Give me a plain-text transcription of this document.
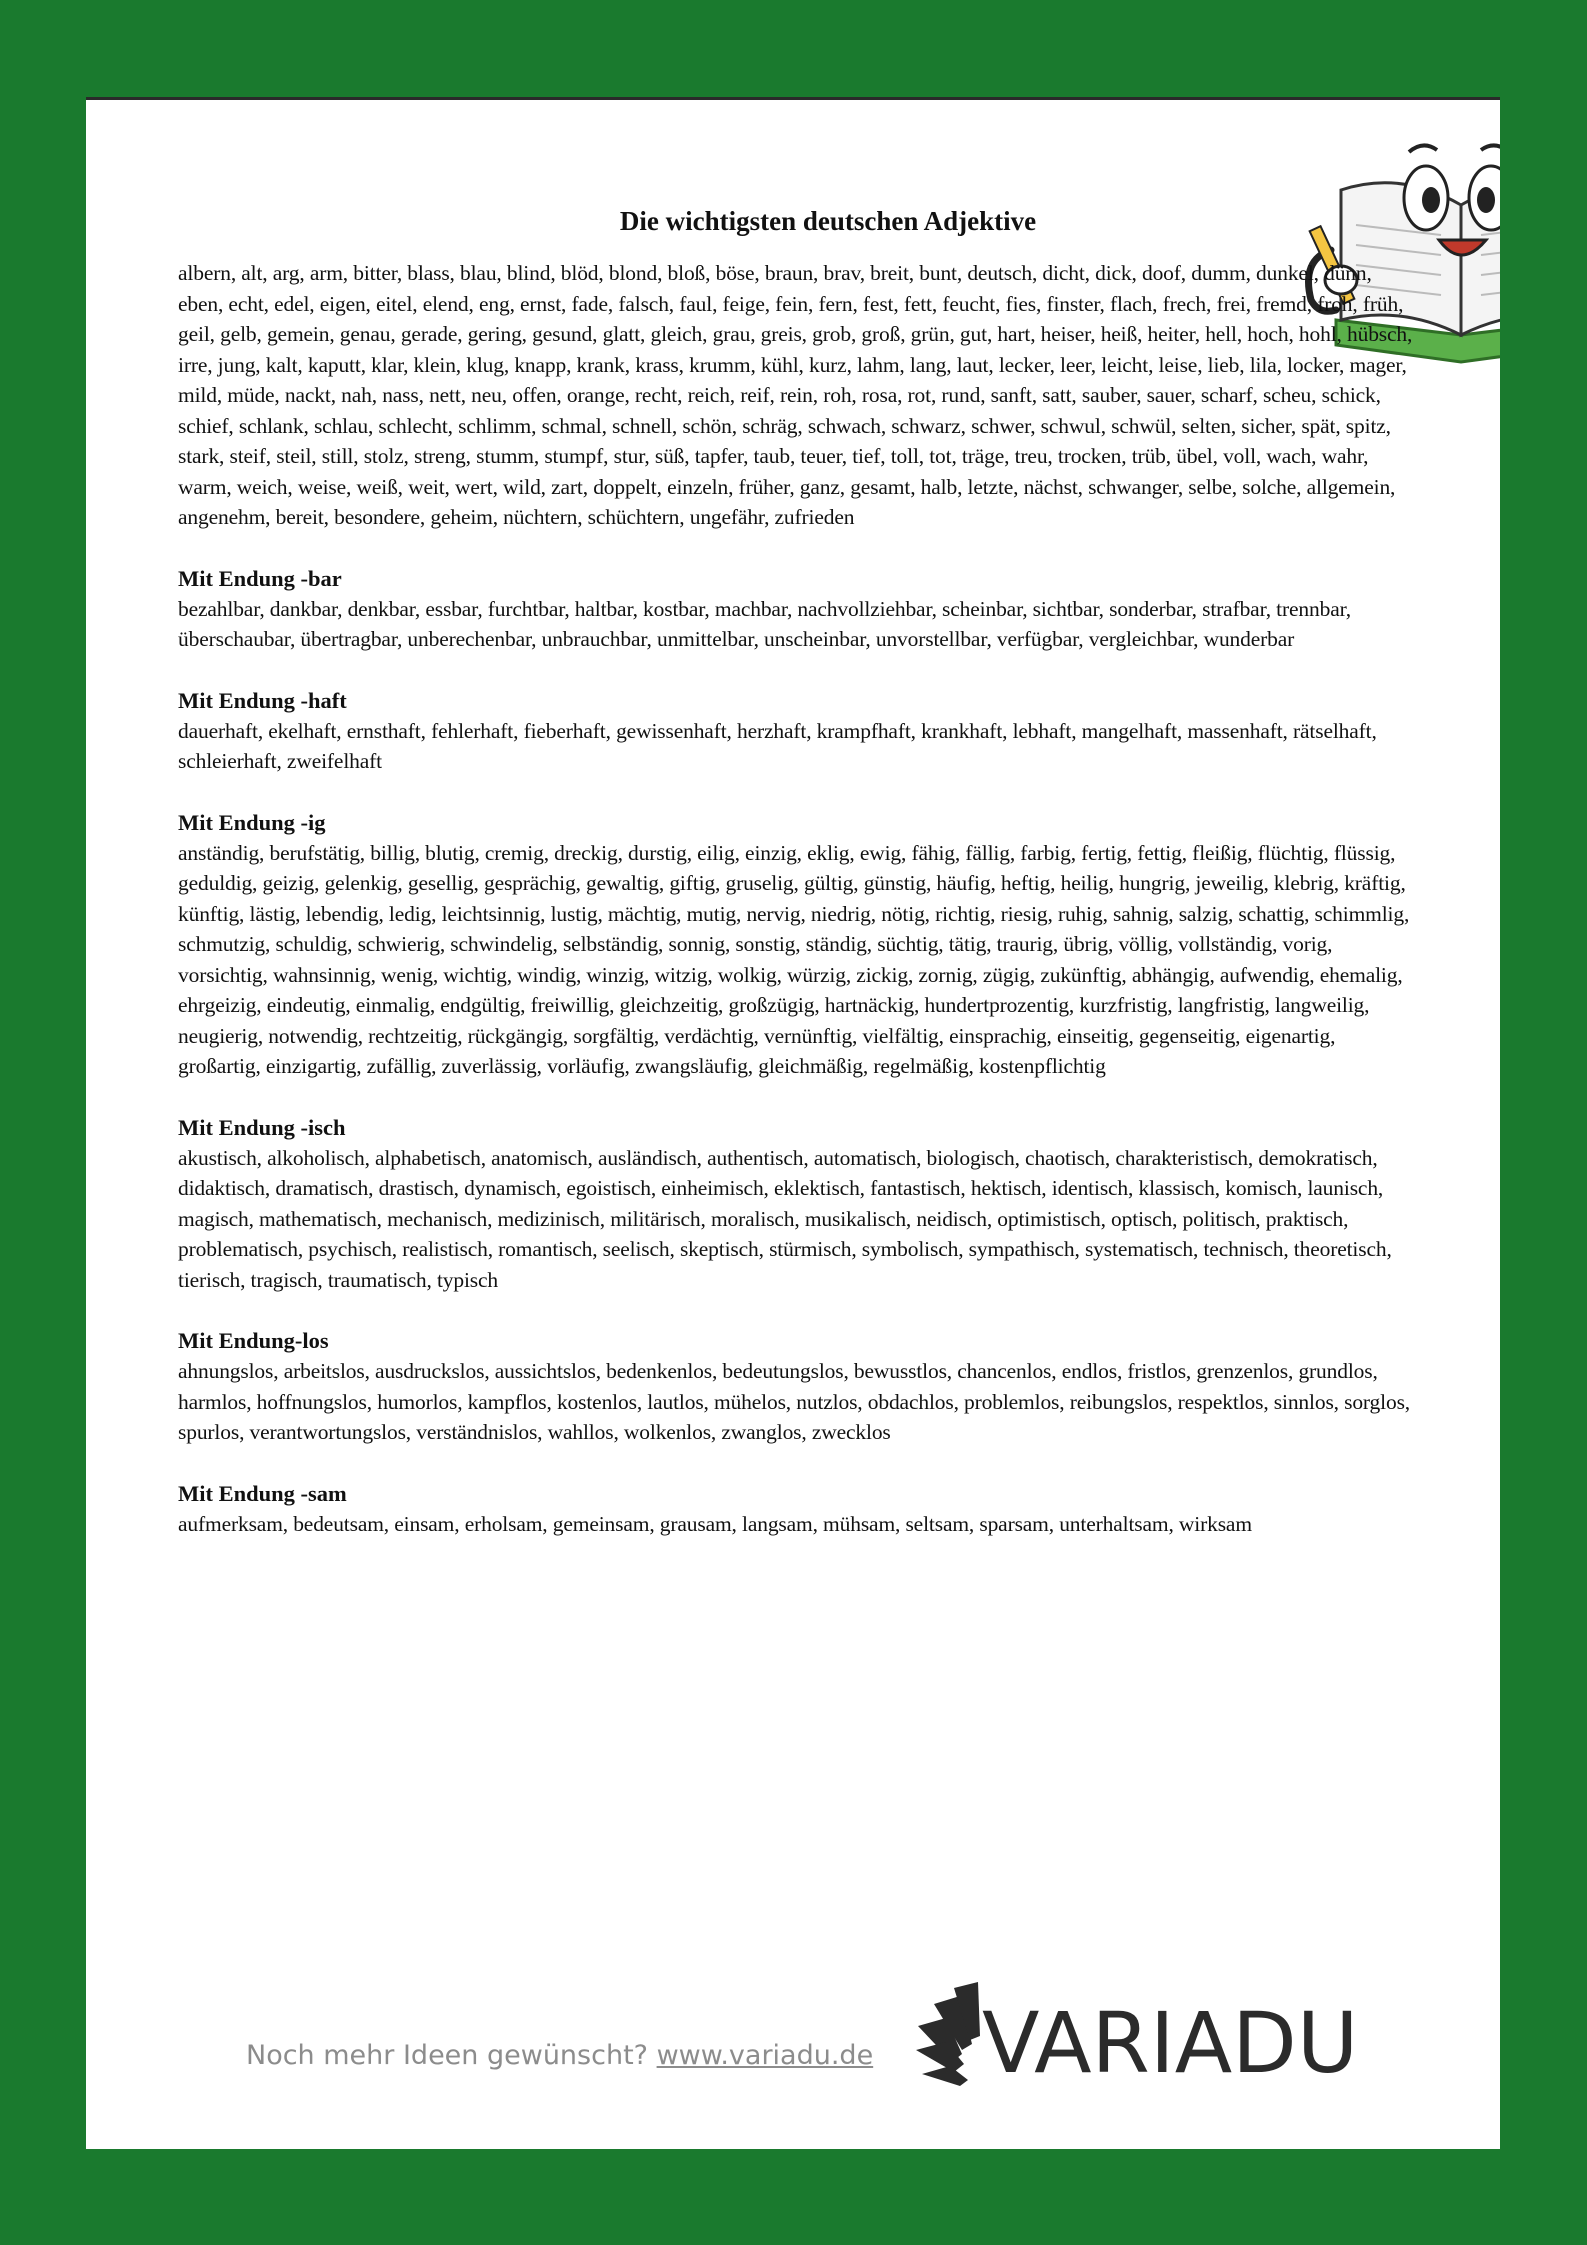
Die wichtigsten deutschen Adjektive

albern, alt, arg, arm, bitter, blass, blau, blind, blöd, blond, bloß, böse, braun, brav, breit, bunt, deutsch, dicht, dick, doof, dumm, dunkel, dünn, eben, echt, edel, eigen, eitel, elend, eng, ernst, fade, falsch, faul, feige, fein, fern, fest, fett, feucht, fies, finster, flach, frech, frei, fremd, froh, früh, geil, gelb, gemein, genau, gerade, gering, gesund, glatt, gleich, grau, greis, grob, groß, grün, gut, hart, heiser, heiß, heiter, hell, hoch, hohl, hübsch, irre, jung, kalt, kaputt, klar, klein, klug, knapp, krank, krass, krumm, kühl, kurz, lahm, lang, laut, lecker, leer, leicht, leise, lieb, lila, locker, mager, mild, müde, nackt, nah, nass, nett, neu, offen, orange, recht, reich, reif, rein, roh, rosa, rot, rund, sanft, satt, sauber, sauer, scharf, scheu, schick, schief, schlank, schlau, schlecht, schlimm, schmal, schnell, schön, schräg, schwach, schwarz, schwer, schwul, schwül, selten, sicher, spät, spitz, stark, steif, steil, still, stolz, streng, stumm, stumpf, stur, süß, tapfer, taub, teuer, tief, toll, tot, träge, treu, trocken, trüb, übel, voll, wach, wahr, warm, weich, weise, weiß, weit, wert, wild, zart, doppelt, einzeln, früher, ganz, gesamt, halb, letzte, nächst, schwanger, selbe, solche, allgemein, angenehm, bereit, besondere, geheim, nüchtern, schüchtern, ungefähr, zufrieden

Mit Endung -bar

bezahlbar, dankbar, denkbar, essbar, furchtbar, haltbar, kostbar, machbar, nachvollziehbar, scheinbar, sichtbar, sonderbar, strafbar, trennbar, überschaubar, übertragbar, unberechenbar, unbrauchbar, unmittelbar, unscheinbar, unvorstellbar, verfügbar, vergleichbar, wunderbar

Mit Endung -haft

dauerhaft, ekelhaft, ernsthaft, fehlerhaft, fieberhaft, gewissenhaft, herzhaft, krampfhaft, krankhaft, lebhaft, mangelhaft, massenhaft, rätselhaft, schleierhaft, zweifelhaft

Mit Endung -ig

anständig, berufstätig, billig, blutig, cremig, dreckig, durstig, eilig, einzig, eklig, ewig, fähig, fällig, farbig, fertig, fettig, fleißig, flüchtig, flüssig, geduldig, geizig, gelenkig, gesellig, gesprächig, gewaltig, giftig, gruselig, gültig, günstig, häufig, heftig, heilig, hungrig, jeweilig, klebrig, kräftig, künftig, lästig, lebendig, ledig, leichtsinnig, lustig, mächtig, mutig, nervig, niedrig, nötig, richtig, riesig, ruhig, sahnig, salzig, schattig, schimmlig, schmutzig, schuldig, schwierig, schwindelig, selbständig, sonnig, sonstig, ständig, süchtig, tätig, traurig, übrig, völlig, vollständig, vorig, vorsichtig, wahnsinnig, wenig, wichtig, windig, winzig, witzig, wolkig, würzig, zickig, zornig, zügig, zukünftig, abhängig, aufwendig, ehemalig, ehrgeizig, eindeutig, einmalig, endgültig, freiwillig, gleichzeitig, großzügig, hartnäckig, hundertprozentig, kurzfristig, langfristig, langweilig, neugierig, notwendig, rechtzeitig, rückgängig, sorgfältig, verdächtig, vernünftig, vielfältig, einsprachig, einseitig, gegenseitig, eigenartig, großartig, einzigartig, zufällig, zuverlässig, vorläufig, zwangsläufig, gleichmäßig, regelmäßig, kostenpflichtig

Mit Endung -isch

akustisch, alkoholisch, alphabetisch, anatomisch, ausländisch, authentisch, automatisch, biologisch, chaotisch, charakteristisch, demokratisch, didaktisch, dramatisch, drastisch, dynamisch, egoistisch, einheimisch, eklektisch, fantastisch, hektisch, identisch, klassisch, komisch, launisch, magisch, mathematisch, mechanisch, medizinisch, militärisch, moralisch, musikalisch, neidisch, optimistisch, optisch, politisch, praktisch, problematisch, psychisch, realistisch, romantisch, seelisch, skeptisch, stürmisch, symbolisch, sympathisch, systematisch, technisch, theoretisch, tierisch, tragisch, traumatisch, typisch

Mit Endung-los

ahnungslos, arbeitslos, ausdruckslos, aussichtslos, bedenkenlos, bedeutungslos, bewusstlos, chancenlos, endlos, fristlos, grenzenlos, grundlos, harmlos, hoffnungslos, humorlos, kampflos, kostenlos, lautlos, mühelos, nutzlos, obdachlos, problemlos, reibungslos, respektlos, sinnlos, sorglos, spurlos, verantwortungslos, verständnislos, wahllos, wolkenlos, zwanglos, zwecklos

Mit Endung -sam

aufmerksam, bedeutsam, einsam, erholsam, gemeinsam, grausam, langsam, mühsam, seltsam, sparsam, unterhaltsam, wirksam

Noch mehr Ideen gewünscht? www.variadu.de VARIADU
